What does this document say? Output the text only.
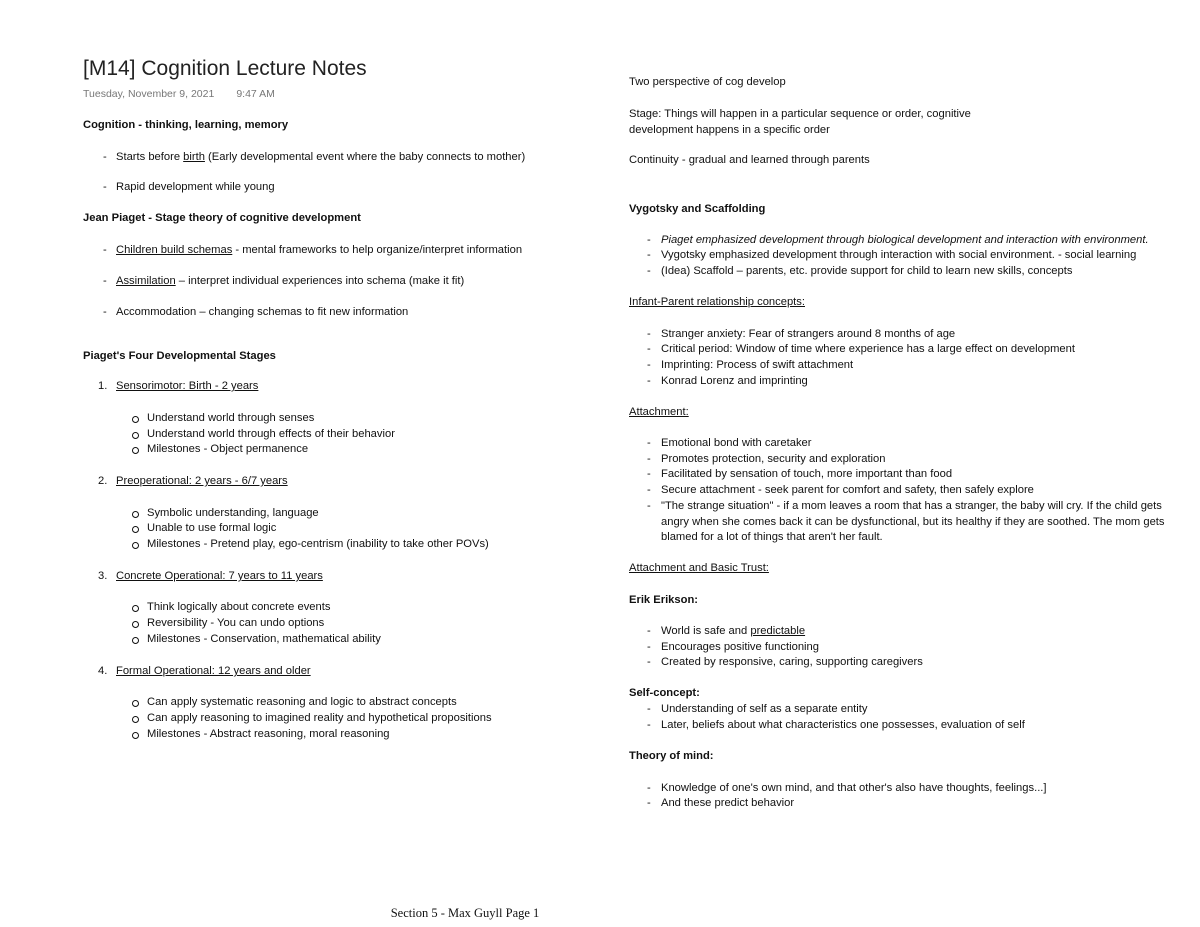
[M14] Cognition Lecture Notes
Tuesday, November 9, 2021 9:47 AM
Cognition - thinking, learning, memory
- Starts before birth (Early developmental event where the baby connects to mother)
- Rapid development while young
Jean Piaget - Stage theory of cognitive development
- Children build schemas - mental frameworks to help organize/interpret information
- Assimilation – interpret individual experiences into schema (make it fit)
- Accommodation – changing schemas to fit new information
Piaget's Four Developmental Stages
1. Sensorimotor: Birth - 2 years
Understand world through senses
Understand world through effects of their behavior
Milestones - Object permanence
2. Preoperational: 2 years - 6/7 years
Symbolic understanding, language
Unable to use formal logic
Milestones - Pretend play, ego-centrism (inability to take other POVs)
3. Concrete Operational: 7 years to 11 years
Think logically about concrete events
Reversibility - You can undo options
Milestones - Conservation, mathematical ability
4. Formal Operational: 12 years and older
Can apply systematic reasoning and logic to abstract concepts
Can apply reasoning to imagined reality and hypothetical propositions
Milestones - Abstract reasoning, moral reasoning
Two perspective of cog develop
Stage: Things will happen in a particular sequence or order, cognitive
development happens in a specific order
Continuity - gradual and learned through parents
Vygotsky and Scaffolding
- Piaget emphasized development through biological development and interaction with environment.
- Vygotsky emphasized development through interaction with social environment. - social learning
- (Idea) Scaffold – parents, etc. provide support for child to learn new skills, concepts
Infant-Parent relationship concepts:
- Stranger anxiety: Fear of strangers around 8 months of age
- Critical period: Window of time where experience has a large effect on development
- Imprinting: Process of swift attachment
- Konrad Lorenz and imprinting
Attachment:
- Emotional bond with caretaker
- Promotes protection, security and exploration
- Facilitated by sensation of touch, more important than food
- Secure attachment - seek parent for comfort and safety, then safely explore
- "The strange situation" - if a mom leaves a room that has a stranger, the baby will cry. If the child gets
angry when she comes back it can be dysfunctional, but its healthy if they are soothed. The mom gets
blamed for a lot of things that aren't her fault.
Attachment and Basic Trust:
Erik Erikson:
- World is safe and predictable
- Encourages positive functioning
- Created by responsive, caring, supporting caregivers
Self-concept:
- Understanding of self as a separate entity
- Later, beliefs about what characteristics one possesses, evaluation of self
Theory of mind:
- Knowledge of one's own mind, and that other's also have thoughts, feelings...]
- And these predict behavior
Section 5 - Max Guyll Page 1
